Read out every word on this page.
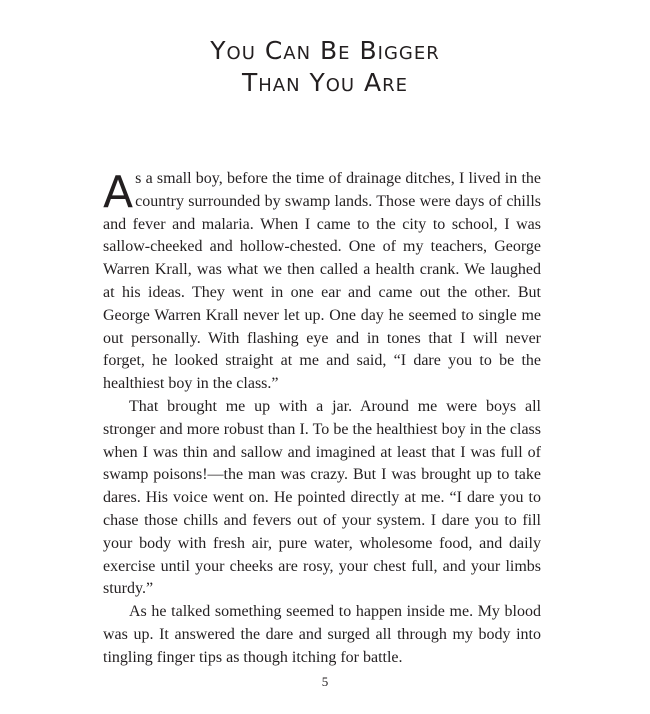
You Can Be Bigger
Than You Are

As a small boy, before the time of drainage ditches, I lived in the country surrounded by swamp lands. Those were days of chills and fever and malaria. When I came to the city to school, I was sallow-cheeked and hollow-chested. One of my teachers, George Warren Krall, was what we then called a health crank. We laughed at his ideas. They went in one ear and came out the other. But George Warren Krall never let up. One day he seemed to single me out personally. With flashing eye and in tones that I will never forget, he looked straight at me and said, “I dare you to be the healthiest boy in the class.”

That brought me up with a jar. Around me were boys all stronger and more robust than I. To be the healthiest boy in the class when I was thin and sallow and imagined at least that I was full of swamp poisons!—the man was crazy. But I was brought up to take dares. His voice went on. He pointed directly at me. “I dare you to chase those chills and fevers out of your system. I dare you to fill your body with fresh air, pure water, wholesome food, and daily exercise until your cheeks are rosy, your chest full, and your limbs sturdy.”

As he talked something seemed to happen inside me. My blood was up. It answered the dare and surged all through my body into tingling finger tips as though itching for battle.

5
